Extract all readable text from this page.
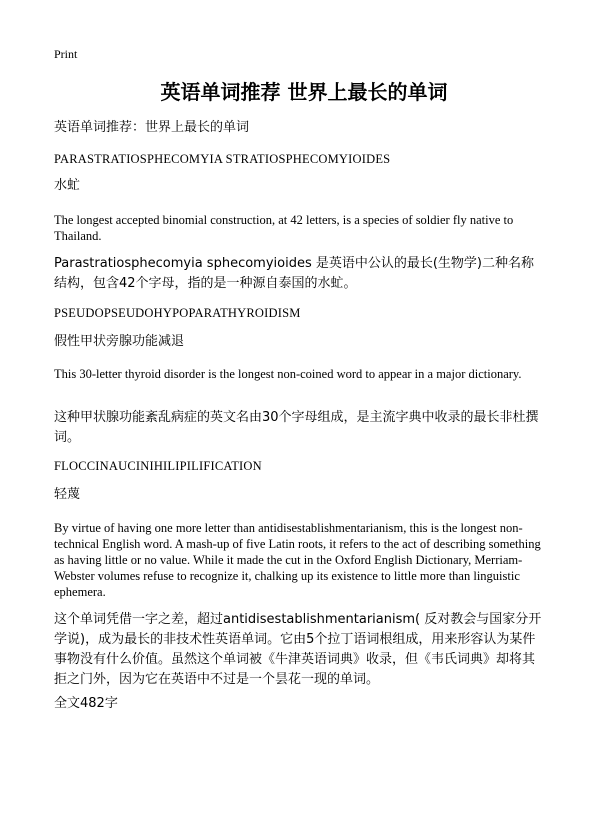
Print
英语单词推荐 世界上最长的单词

英语单词推荐：世界上最长的单词

PARASTRATIOSPHECOMYIA STRATIOSPHECOMYIOIDES

水虻

The longest accepted binomial construction, at 42 letters, is a species of soldier fly native to Thailand.

Parastratiosphecomyia sphecomyioides 是英语中公认的最长(生物学)二种名称结构，包含42个字母，指的是一种源自泰国的水虻。

PSEUDOPSEUDOHYPOPARATHYROIDISM

假性甲状旁腺功能减退

This 30-letter thyroid disorder is the longest non-coined word to appear in a major dictionary.

这种甲状腺功能紊乱病症的英文名由30个字母组成，是主流字典中收录的最长非杜撰词。

FLOCCINAUCINIHILIPILIFICATION

轻蔑

By virtue of having one more letter than antidisestablishmentarianism, this is the longest non-technical English word. A mash-up of five Latin roots, it refers to the act of describing something as having little or no value. While it made the cut in the Oxford English Dictionary, Merriam-Webster volumes refuse to recognize it, chalking up its existence to little more than linguistic ephemera.

这个单词凭借一字之差，超过antidisestablishmentarianism( 反对教会与国家分开学说)，成为最长的非技术性英语单词。它由5个拉丁语词根组成，用来形容认为某件事物没有什么价值。虽然这个单词被《牛津英语词典》收录，但《韦氏词典》却将其拒之门外，因为它在英语中不过是一个昙花一现的单词。

全文482字
